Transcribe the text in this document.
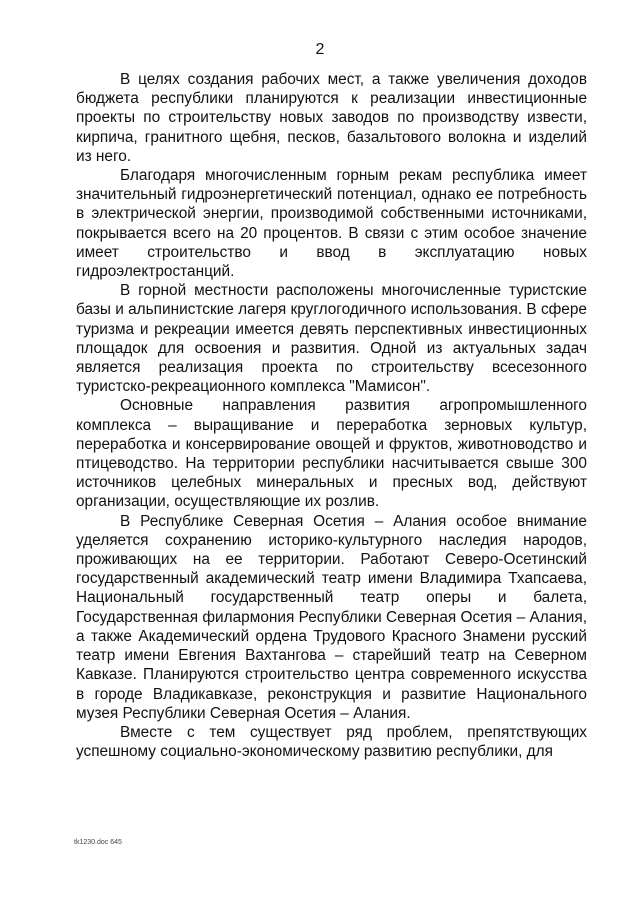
2

В целях создания рабочих мест, а также увеличения доходов бюджета республики планируются к реализации инвестиционные проекты по строительству новых заводов по производству извести, кирпича, гранитного щебня, песков, базальтового волокна и изделий из него.

Благодаря многочисленным горным рекам республика имеет значительный гидроэнергетический потенциал, однако ее потребность в электрической энергии, производимой собственными источниками, покрывается всего на 20 процентов. В связи с этим особое значение имеет строительство и ввод в эксплуатацию новых гидроэлектростанций.

В горной местности расположены многочисленные туристские базы и альпинистские лагеря круглогодичного использования. В сфере туризма и рекреации имеется девять перспективных инвестиционных площадок для освоения и развития. Одной из актуальных задач является реализация проекта по строительству всесезонного туристско-рекреационного комплекса "Мамисон".

Основные направления развития агропромышленного комплекса – выращивание и переработка зерновых культур, переработка и консервирование овощей и фруктов, животноводство и птицеводство. На территории республики насчитывается свыше 300 источников целебных минеральных и пресных вод, действуют организации, осуществляющие их розлив.

В Республике Северная Осетия – Алания особое внимание уделяется сохранению историко-культурного наследия народов, проживающих на ее территории. Работают Северо-Осетинский государственный академический театр имени Владимира Тхапсаева, Национальный государственный театр оперы и балета, Государственная филармония Республики Северная Осетия – Алания, а также Академический ордена Трудового Красного Знамени русский театр имени Евгения Вахтангова – старейший театр на Северном Кавказе. Планируются строительство центра современного искусства в городе Владикавказе, реконструкция и развитие Национального музея Республики Северная Осетия – Алания.

Вместе с тем существует ряд проблем, препятствующих успешному социально-экономическому развитию республики, для

tk1230.doc 645
